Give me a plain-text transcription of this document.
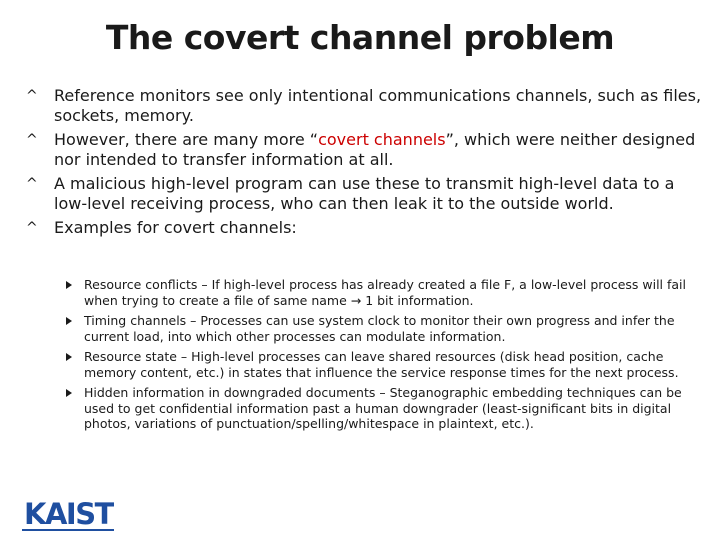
The covert channel problem
^ Reference monitors see only intentional communications channels, such as files, sockets, memory.
^ However, there are many more “covert channels”, which were neither designed nor intended to transfer information at all.
^ A malicious high-level program can use these to transmit high-level data to a low-level receiving process, who can then leak it to the outside world.
^ Examples for covert channels:
Resource conflicts – If high-level process has already created a file F, a low-level process will fail when trying to create a file of same name → 1 bit information.
Timing channels – Processes can use system clock to monitor their own progress and infer the current load, into which other processes can modulate information.
Resource state – High-level processes can leave shared resources (disk head position, cache memory content, etc.) in states that influence the service response times for the next process.
Hidden information in downgraded documents – Steganographic embedding techniques can be used to get confidential information past a human downgrader (least-significant bits in digital photos, variations of punctuation/spelling/whitespace in plaintext, etc.).
KAIST
